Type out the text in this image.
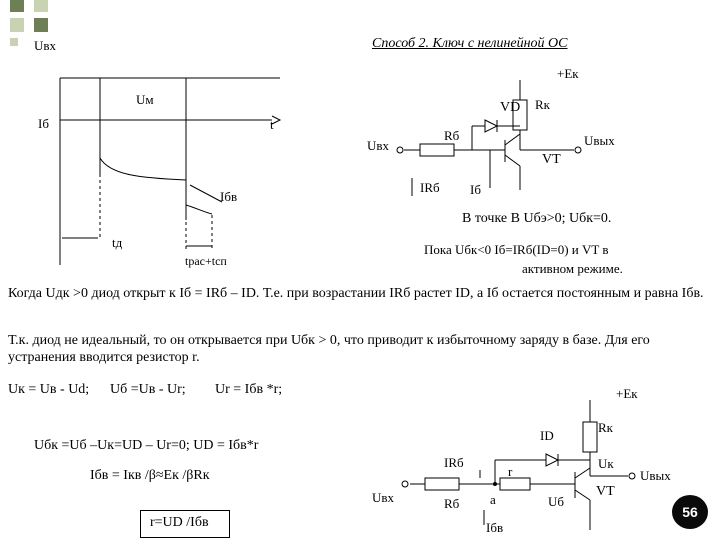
Способ 2. Ключ с нелинейной ОС
Uвх
Uм
Iб	t
Iбв
tд
tрас+tсп
+Eк
VD Rк
Rб
Uвх	Uвых
VT
IRб Iб
В точке В Uбэ>0; Uбк=0.
Пока Uбк<0 Iб=IRб(ID=0) и VT в
активном режиме.
Когда Uдк >0 диод открыт к Iб = IRб – ID. Т.е. при возрастании IRб растет ID, а Iб остается постоянным и равна Iбв.
Т.к. диод не идеальный, то он открывается при Uбк > 0, что приводит к избыточному заряду в базе. Для его устранения вводится резистор r.
Uк = Uв - Ud; Uб =Uв - Ur; Ur = Iбв *r;
Uбк =Uб –Uк=UD – Ur=0; UD = Iбв*r
Iбв = Iкв /β≈Eк /βRк
r=UD /Iбв
+Eк
Rк
ID
Uк
Uвых
IRб
r
VT
Uвх	Rб a	Uб
Iбв
56
